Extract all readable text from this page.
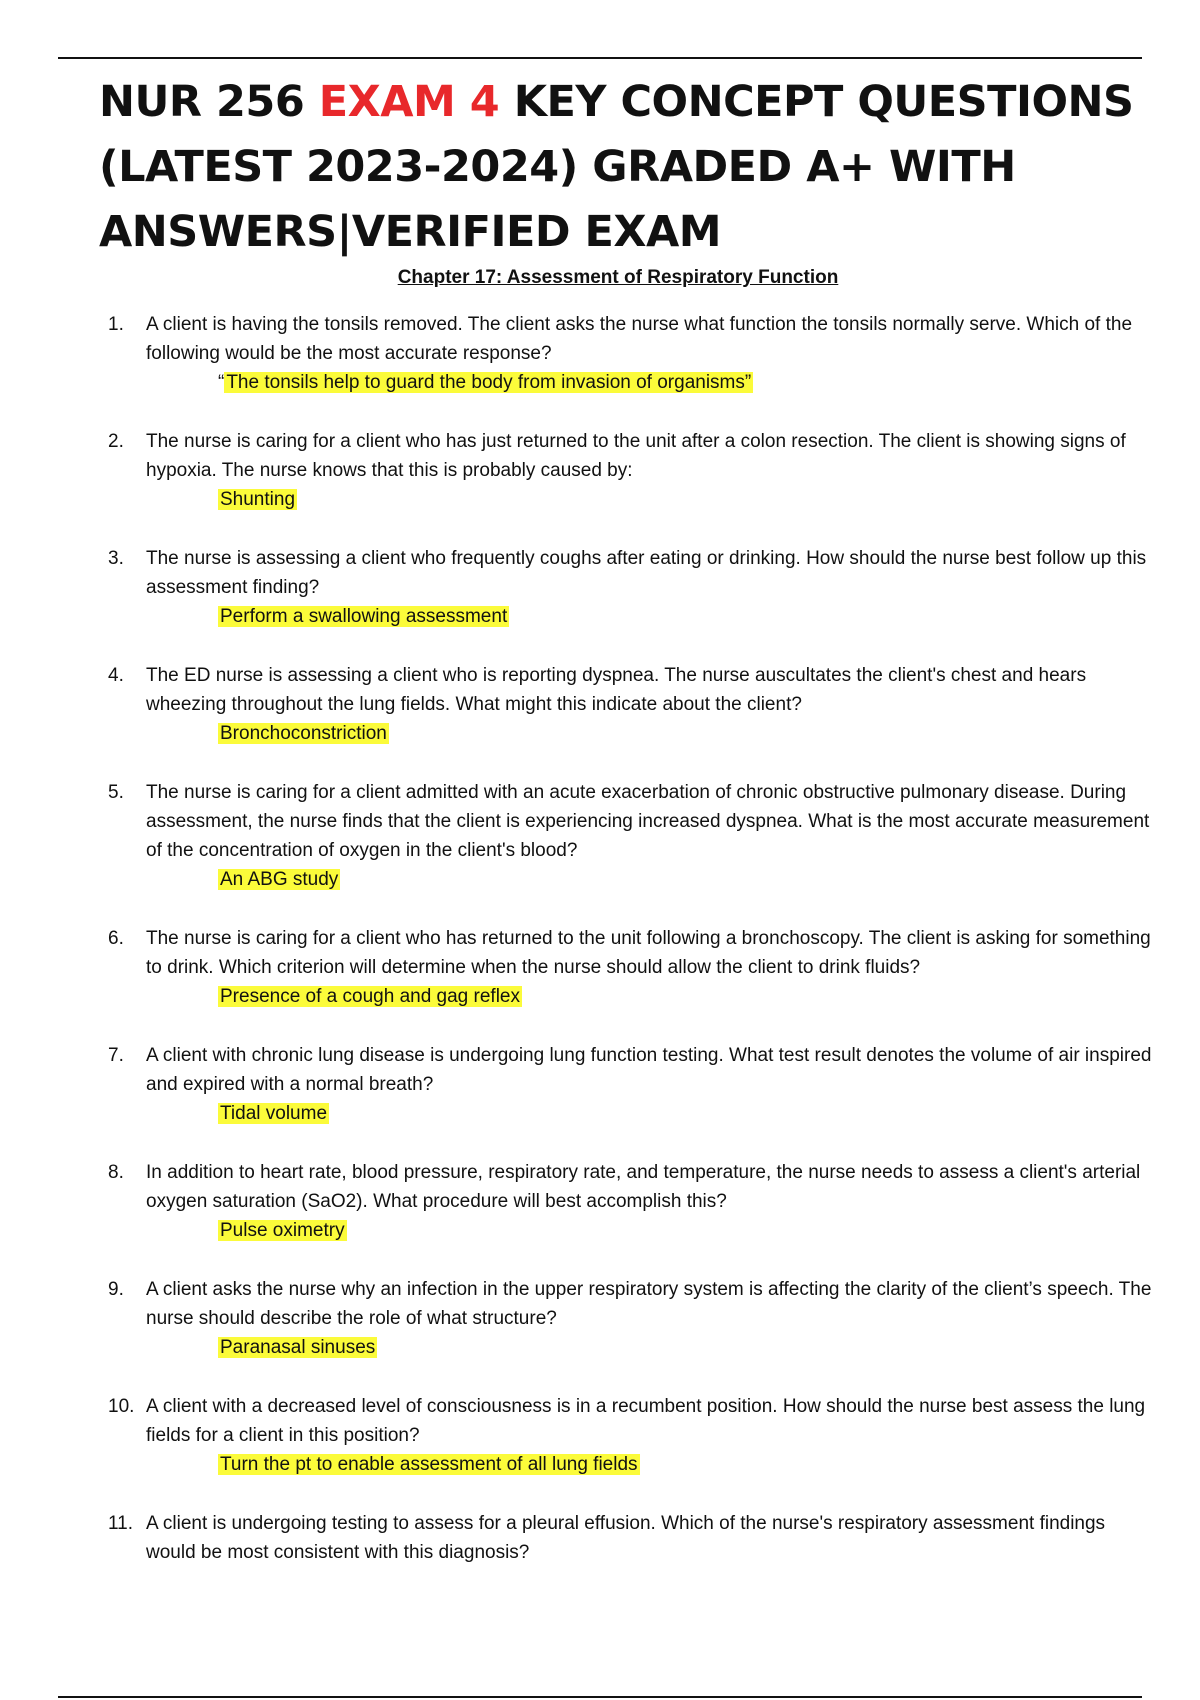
NUR 256 EXAM 4 KEY CONCEPT QUESTIONS (LATEST 2023-2024) GRADED A+ WITH ANSWERS|VERIFIED EXAM
Chapter 17: Assessment of Respiratory Function
1.	A client is having the tonsils removed. The client asks the nurse what function the tonsils normally serve. Which of the following would be the most accurate response?

“ The tonsils help to guard the body from invasion of organisms”
2.	The nurse is caring for a client who has just returned to the unit after a colon resection. The client is showing signs of hypoxia. The nurse knows that this is probably caused by:

Shunting
3.	The nurse is assessing a client who frequently coughs after eating or drinking. How should the nurse best follow up this assessment finding?

Perform a swallowing assessment
4.	The ED nurse is assessing a client who is reporting dyspnea. The nurse auscultates the client's chest and hears wheezing throughout the lung fields. What might this indicate about the client?

Bronchoconstriction
5.	The nurse is caring for a client admitted with an acute exacerbation of chronic obstructive pulmonary disease. During assessment, the nurse finds that the client is experiencing increased dyspnea. What is the most accurate measurement of the concentration of oxygen in the client's blood?

An ABG study
6.	The nurse is caring for a client who has returned to the unit following a bronchoscopy. The client is asking for something to drink. Which criterion will determine when the nurse should allow the client to drink fluids?

Presence of a cough and gag reflex
7.	A client with chronic lung disease is undergoing lung function testing. What test result denotes the volume of air inspired and expired with a normal breath?

Tidal volume
8.	In addition to heart rate, blood pressure, respiratory rate, and temperature, the nurse needs to assess a client's arterial oxygen saturation (SaO2). What procedure will best accomplish this?

Pulse oximetry
9.	A client asks the nurse why an infection in the upper respiratory system is affecting the clarity of the client’s speech. The nurse should describe the role of what structure?

Paranasal sinuses
10. A client with a decreased level of consciousness is in a recumbent position. How should the nurse best assess the lung fields for a client in this position?

Turn the pt to enable assessment of all lung fields
11. A client is undergoing testing to assess for a pleural effusion. Which of the nurse's respiratory assessment findings would be most consistent with this diagnosis?
